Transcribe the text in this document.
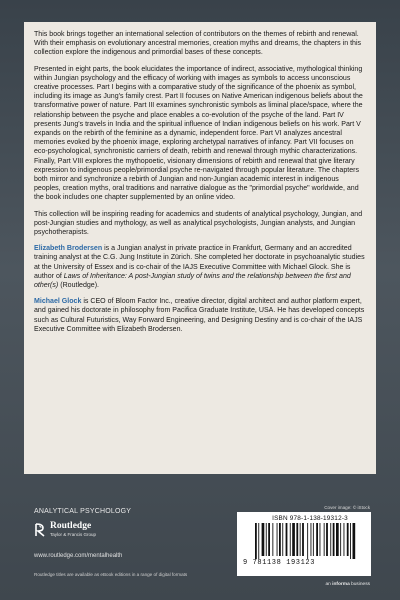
This book brings together an international selection of contributors on the themes of rebirth and renewal. With their emphasis on evolutionary ancestral memories, creation myths and dreams, the chapters in this collection explore the indigenous and primordial bases of these concepts.

Presented in eight parts, the book elucidates the importance of indirect, associative, mythological thinking within Jungian psychology and the efficacy of working with images as symbols to access unconscious creative processes. Part I begins with a comparative study of the significance of the phoenix as symbol, including its image as Jung's family crest. Part II focuses on Native American indigenous beliefs about the transformative power of nature. Part III examines synchronistic symbols as liminal place/space, where the relationship between the psyche and place enables a co-evolution of the psyche of the land. Part IV presents Jung's travels in India and the spiritual influence of Indian indigenous beliefs on his work. Part V expands on the rebirth of the feminine as a dynamic, independent force. Part VI analyzes ancestral memories evoked by the phoenix image, exploring archetypal narratives of infancy. Part VII focuses on eco-psychological, synchronistic carriers of death, rebirth and renewal through mythic characterizations. Finally, Part VIII explores the mythopoetic, visionary dimensions of rebirth and renewal that give literary expression to indigenous people/primordial psyche re-navigated through popular literature. The chapters both mirror and synchronize a rebirth of Jungian and non-Jungian academic interest in indigenous peoples, creation myths, oral traditions and narrative dialogue as the "primordial psyche" worldwide, and the book includes one chapter supplemented by an online video.

This collection will be inspiring reading for academics and students of analytical psychology, Jungian, and post-Jungian studies and mythology, as well as analytical psychologists, Jungian analysts, and Jungian psychotherapists.

Elizabeth Brodersen is a Jungian analyst in private practice in Frankfurt, Germany and an accredited training analyst at the C.G. Jung Institute in Zürich. She completed her doctorate in psychoanalytic studies at the University of Essex and is co-chair of the IAJS Executive Committee with Michael Glock. She is author of Laws of Inheritance: A post-Jungian study of twins and the relationship between the first and other(s) (Routledge).

Michael Glock is CEO of Bloom Factor Inc., creative director, digital architect and author platform expert, and gained his doctorate in philosophy from Pacifica Graduate Institute, USA. He has developed concepts such as Cultural Futuristics, Way Forward Engineering, and Designing Destiny and is co-chair of the IAJS Executive Committee with Elizabeth Brodersen.

ANALYTICAL PSYCHOLOGY
Routledge
Taylor & Francis Group
www.routledge.com/mentalhealth
Routledge titles are available as eBook editions in a range of digital formats
Cover image: © iStock
ISBN 978-1-138-19312-3
9 781138 193123
an informa business
